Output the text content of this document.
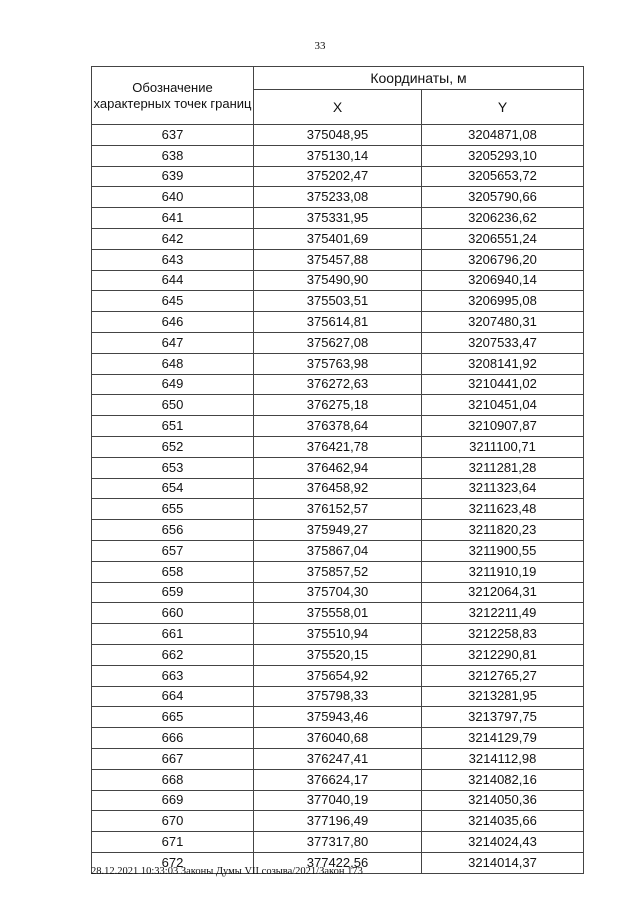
33
Обозначение характерных точек границ	Координаты, м	
	X	Y
637	375048,95	3204871,08
638	375130,14	3205293,10
639	375202,47	3205653,72
640	375233,08	3205790,66
641	375331,95	3206236,62
642	375401,69	3206551,24
643	375457,88	3206796,20
644	375490,90	3206940,14
645	375503,51	3206995,08
646	375614,81	3207480,31
647	375627,08	3207533,47
648	375763,98	3208141,92
649	376272,63	3210441,02
650	376275,18	3210451,04
651	376378,64	3210907,87
652	376421,78	3211100,71
653	376462,94	3211281,28
654	376458,92	3211323,64
655	376152,57	3211623,48
656	375949,27	3211820,23
657	375867,04	3211900,55
658	375857,52	3211910,19
659	375704,30	3212064,31
660	375558,01	3212211,49
661	375510,94	3212258,83
662	375520,15	3212290,81
663	375654,92	3212765,27
664	375798,33	3213281,95
665	375943,46	3213797,75
666	376040,68	3214129,79
667	376247,41	3214112,98
668	376624,17	3214082,16
669	377040,19	3214050,36
670	377196,49	3214035,66
671	377317,80	3214024,43
672	377422,56	3214014,37
28.12.2021 10:33:03 Законы Думы VII созыва/2021/Закон 173
